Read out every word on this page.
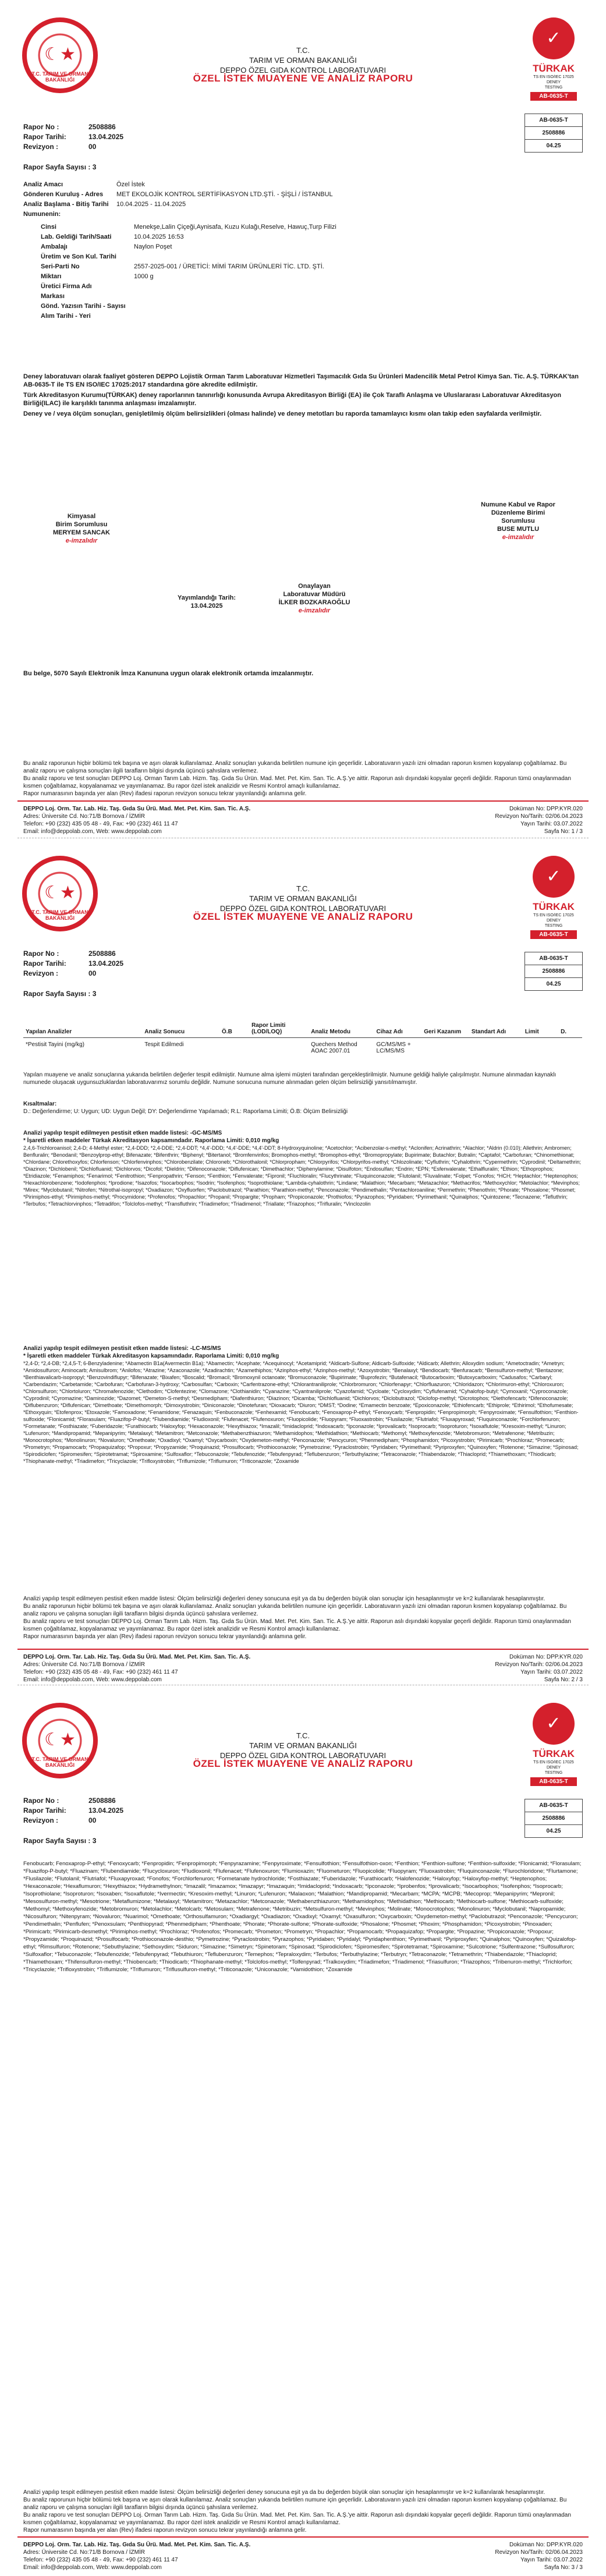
☾★
T.C. TARIM VE ORMAN BAKANLIĞI
T.C.
TARIM VE ORMAN BAKANLIĞI
DEPPO ÖZEL GIDA KONTROL LABORATUVARI
ÖZEL İSTEK MUAYENE VE ANALİZ RAPORU
✓
TÜRKAK
TS EN ISO/IEC 17025
DENEY
TESTING
AB-0635-T
AB-0635-T
2508886
04.25
Rapor No :	2508886
Rapor Tarihi:	13.04.2025
Revizyon :	00
Rapor Sayfa Sayısı : 3
Analiz Amacı	Özel İstek
Gönderen Kuruluş - Adres	MET EKOLOJİK KONTROL SERTİFİKASYON LTD.ŞTİ. - ŞİŞLİ / İSTANBUL
Analiz Başlama - Bitiş Tarihi	10.04.2025 - 11.04.2025
Numunenin:
Cinsi	Menekşe,Lalin Çiçeği,Aynisafa, Kuzu Kulağı,Reselve, Hawuç,Turp Filizi
Lab. Geldiği Tarih/Saati	10.04.2025 16:53
Ambalajı	Naylon Poşet
Üretim ve Son Kul. Tarihi
Seri-Parti No	2557-2025-001 / ÜRETİCİ: MİMİ TARIM ÜRÜNLERİ TİC. LTD. ŞTİ.
Miktarı	1000 g
Üretici Firma Adı
Markası
Gönd. Yazısın Tarihi - Sayısı
Alım Tarihi - Yeri

Deney laboratuvarı olarak faaliyet gösteren DEPPO Lojistik Orman Tarım Laboratuvar Hizmetleri Taşımacılık Gıda Su Ürünleri Madencilik Metal Petrol Kimya San. Tic. A.Ş. TÜRKAK'tan AB-0635-T ile TS EN ISO/IEC 17025:2017 standardına göre akredite edilmiştir.

Türk Akreditasyon Kurumu(TÜRKAK) deney raporlarının tanınırlığı konusunda Avrupa Akreditasyon Birliği (EA) ile Çok Taraflı Anlaşma ve Uluslararası Laboratuvar Akreditasyon Birliği(ILAC) ile karşılıklı tanınma anlaşması imzalamıştır.

Deney ve / veya ölçüm sonuçları, genişletilmiş ölçüm belirsizlikleri (olması halinde) ve deney metotları bu raporda tamamlayıcı kısmı olan takip eden sayfalarda verilmiştir.

Kimyasal
Birim Sorumlusu
MERYEM SANCAK
e-imzalıdır
Numune Kabul ve Rapor
Düzenleme Birimi
Sorumlusu
BUSE MUTLU
e-imzalıdır
Yayımlandığı Tarih:
13.04.2025
Onaylayan
Laboratuvar Müdürü
İLKER BOZKARAOĞLU
e-imzalıdır
Bu belge, 5070 Sayılı Elektronik İmza Kanununa uygun olarak elektronik ortamda imzalanmıştır.

Bu analiz raporunun hiçbir bölümü tek başına ve aşırı olarak kullanılamaz. Analiz sonuçları yukarıda belirtilen numune için geçerlidir. Laboratuvarın yazılı izni olmadan raporun kısmen kopyalanıp çoğaltılamaz. Bu analiz raporu ve çalışma sonuçları ilgili tarafların bilgisi dışında üçüncü şahıslara verilemez.

Bu analiz raporu ve test sonuçları DEPPO Loj. Orman Tarım Lab. Hizm. Taş. Gıda Su Ürün. Mad. Met. Pet. Kim. San. Tic. A.Ş.'ye aittir. Raporun aslı dışındaki kopyalar geçerli değildir. Raporun tümü onaylanmadan kısmen çoğaltılamaz, kopyalanamaz ve yayımlanamaz. Bu rapor özel istek analizidir ve Resmi Kontrol amaçlı kullanılamaz.

Rapor numarasının başında yer alan (Rev) ifadesi raporun revizyon sonucu tekrar yayınlandığı anlamına gelir.

DEPPO Loj. Orm. Tar. Lab. Hiz. Taş. Gıda Su Ürü. Mad. Met. Pet. Kim. San. Tic. A.Ş.
Adres: Üniversite Cd. No:71/B Bornova / İZMİR
Telefon: +90 (232) 435 05 48 - 49, Fax: +90 (232) 461 11 47
Email: info@deppolab.com, Web: www.deppolab.com
Doküman No: DPP.KYR.020
Revizyon No/Tarih: 02/06.04.2023
Yayın Tarihi: 03.07.2022
Sayfa No: 1 / 3
☾★
T.C. TARIM VE ORMAN BAKANLIĞI
T.C.
TARIM VE ORMAN BAKANLIĞI
DEPPO ÖZEL GIDA KONTROL LABORATUVARI
ÖZEL İSTEK MUAYENE VE ANALİZ RAPORU
✓
TÜRKAK
TS EN ISO/IEC 17025
DENEY
TESTING
AB-0635-T
AB-0635-T
2508886
04.25
Rapor No :	2508886
Rapor Tarihi:	13.04.2025
Revizyon :	00
Rapor Sayfa Sayısı : 3
Yapılan Analizler	Analiz Sonucu	Ö.B	Rapor Limiti (LOD/LOQ)	Analiz Metodu	Cihaz Adı	Geri Kazanım	Standart Adı	Limit	D.
*Pestisit Tayini (mg/kg)	Tespit Edilmedi			Quechers Method AOAC 2007.01	GC/MS/MS + LC/MS/MS				

Yapılan muayene ve analiz sonuçlarına yukarıda belirtilen değerler tespit edilmiştir. Numune alma işlemi müşteri tarafından gerçekleştirilmiştir. Numune geldiği haliyle çalışılmıştır. Numune alınmadan kaynaklı numunede oluşacak uygunsuzluklardan laboratuvarımız sorumlu değildir. Numune sonucuna numune alınmadan gelen ölçüm belirsizliği yansıtılmamıştır.

Kısaltmalar:

D.: Değerlendirme; U: Uygun; UD: Uygun Değil; DY: Değerlendirme Yapılamadı; R.L: Raporlama Limiti; Ö.B: Ölçüm Belirsizliği

Analizi yapılıp tespit edilmeyen pestisit etken madde listesi: -GC-MS/MS

* İşaretli etken maddeler Türkak Akreditasyon kapsamındadır. Raporlama Limiti: 0,010 mg/kg

2,4,6-Trichloroanisol; 2,4-D; 4-Methyl ester; *2,4-DDD; *2,4-DDE; *2,4-DDT; *4,4'-DDD; *4,4'-DDE; *4,4'-DDT; 8-Hydroxyquinoline; *Acetochlor; *Acibenzolar-s-methyl; *Aclonifen; Acrinathrin; *Alachlor; *Aldrin (0.010); Allethrin; Ambromen; Benfluralin; *Benodanil; *Benzoylprop-ethyl; Bifenazate; *Bifenthrin; *Biphenyl; *Bitertanol; *Bromfenvinfos; Bromophos-methyl; *Bromophos-ethyl; *Bromopropylate; Bupirimate; Butachlor; Butralin; *Captafol; *Carbofuran; *Chinomethionat; *Chlordane; Chlorethoxyfos; Chlorfenson; *Chlorfenvinphos; *Chlorobenzilate; Chloroneb; *Chlorothalonil; *Chlorpropham; *Chlorpyrifos; *Chlorpyrifos-methyl; *Chlozolinate; *Cyfluthrin; *Cyhalothrin; *Cypermethrin; *Cyprodinil; *Deltamethrin; *Diazinon; *Dichlobenil; *Dichlofluanid; *Dichlorvos; *Dicofol; *Dieldrin; *Difenoconazole; *Diflufenican; *Dimethachlor; *Diphenylamine; *Disulfoton; *Endosulfan; *Endrin; *EPN; *Esfenvalerate; *Ethalfluralin; *Ethion; *Ethoprophos; *Etridiazole; *Fenamiphos; *Fenarimol; *Fenitrothion; *Fenpropathrin; *Fenson; *Fenthion; *Fenvalerate; *Fipronil; *Fluchloralin; *Flucythrinate; *Fluquinconazole; *Flutolanil; *Fluvalinate; *Folpet; *Fonofos; *HCH; *Heptachlor; *Heptenophos; *Hexachlorobenzene; *Iodofenphos; *Iprodione; *Isazofos; *Isocarbophos; *Isodrin; *Isofenphos; *Isoprothiolane; *Lambda-cyhalothrin; *Lindane; *Malathion; *Mecarbam; *Metazachlor; *Methacrifos; *Methoxychlor; *Metolachlor; *Mevinphos; *Mirex; *Myclobutanil; *Nitrofen; *Nitrothal-isopropyl; *Oxadiazon; *Oxyfluorfen; *Paclobutrazol; *Parathion; *Parathion-methyl; *Penconazole; *Pendimethalin; *Pentachloroaniline; *Permethrin; *Phenothrin; *Phorate; *Phosalone; *Phosmet; *Pirimiphos-ethyl; *Pirimiphos-methyl; *Procymidone; *Profenofos; *Propachlor; *Propanil; *Propargite; *Propham; *Propiconazole; *Prothiofos; *Pyrazophos; *Pyridaben; *Pyrimethanil; *Quinalphos; *Quintozene; *Tecnazene; *Tefluthrin; *Terbufos; *Tetrachlorvinphos; *Tetradifon; *Tolclofos-methyl; *Transfluthrin; *Triadimefon; *Triadimenol; *Triallate; *Triazophos; *Trifluralin; *Vinclozolin

Analizi yapılıp tespit edilmeyen pestisit etken madde listesi: -LC-MS/MS

* İşaretli etken maddeler Türkak Akreditasyon kapsamındadır. Raporlama Limiti: 0,010 mg/kg

*2,4-D; *2,4-DB; *2,4,5-T; 6-Benzyladenine; *Abamectin B1a(Avermectin B1a); *Abamectin; *Acephate; *Acequinocyl; *Acetamiprid; *Aldicarb-Sulfone; Aldicarb-Sulfoxide; *Aldicarb; Allethrin; Alloxydim sodium; *Ametoctradin; *Ametryn; *Amidosulfuron; Aminocarb; Amisulbrom; *Anilofos; *Atrazine; *Azaconazole; *Azadirachtin; *Azamethiphos; *Azinphos-ethyl; *Azinphos-methyl; *Azoxystrobin; *Benalaxyl; *Bendiocarb; *Benfuracarb; *Bensulfuron-methyl; *Bentazone; *Benthiavalicarb-isopropyl; *Benzovindiflupyr; *Bifenazate; *Bixafen; *Boscalid; *Bromacil; *Bromoxynil octanoate; *Bromuconazole; *Bupirimate; *Buprofezin; *Butafenacil; *Butocarboxim; *Butoxycarboxim; *Cadusafos; *Carbaryl; *Carbendazim; *Carbetamide; *Carbofuran; *Carbofuran-3-hydroxy; *Carbosulfan; *Carboxin; *Carfentrazone-ethyl; *Chlorantraniliprole; *Chlorbromuron; *Chlorfenapyr; *Chlorfluazuron; *Chloridazon; *Chlorimuron-ethyl; *Chloroxuron; *Chlorsulfuron; *Chlortoluron; *Chromafenozide; *Clethodim; *Clofentezine; *Clomazone; *Clothianidin; *Cyanazine; *Cyantraniliprole; *Cyazofamid; *Cycloate; *Cycloxydim; *Cyflufenamid; *Cyhalofop-butyl; *Cymoxanil; *Cyproconazole; *Cyprodinil; *Cyromazine; *Daminozide; *Dazomet; *Demeton-S-methyl; *Desmedipham; *Diafenthiuron; *Diazinon; *Dicamba; *Dichlofluanid; *Dichlorvos; *Diclobutrazol; *Diclofop-methyl; *Dicrotophos; *Diethofencarb; *Difenoconazole; *Diflubenzuron; *Diflufenican; *Dimethoate; *Dimethomorph; *Dimoxystrobin; *Diniconazole; *Dinotefuran; *Dioxacarb; *Diuron; *DMST; *Dodine; *Emamectin benzoate; *Epoxiconazole; *Ethiofencarb; *Ethiprole; *Ethirimol; *Ethofumesate; *Ethoxyquin; *Etofenprox; *Etoxazole; *Famoxadone; *Fenamidone; *Fenazaquin; *Fenbuconazole; *Fenhexamid; *Fenobucarb; *Fenoxaprop-P-ethyl; *Fenoxycarb; *Fenpropidin; *Fenpropimorph; *Fenpyroximate; *Fensulfothion; *Fenthion-sulfoxide; *Flonicamid; *Florasulam; *Fluazifop-P-butyl; *Flubendiamide; *Fludioxonil; *Flufenacet; *Flufenoxuron; *Fluopicolide; *Fluopyram; *Fluoxastrobin; *Flusilazole; *Flutriafol; *Fluxapyroxad; *Fluquinconazole; *Forchlorfenuron; *Formetanate; *Fosthiazate; *Fuberidazole; *Furathiocarb; *Haloxyfop; *Hexaconazole; *Hexythiazox; *Imazalil; *Imidacloprid; *Indoxacarb; *Ipconazole; *Iprovalicarb; *Isoprocarb; *Isoproturon; *Isoxaflutole; *Kresoxim-methyl; *Linuron; *Lufenuron; *Mandipropamid; *Mepanipyrim; *Metalaxyl; *Metamitron; *Metconazole; *Methabenzthiazuron; *Methamidophos; *Methidathion; *Methiocarb; *Methomyl; *Methoxyfenozide; *Metobromuron; *Metrafenone; *Metribuzin; *Monocrotophos; *Monolinuron; *Novaluron; *Omethoate; *Oxadixyl; *Oxamyl; *Oxycarboxin; *Oxydemeton-methyl; *Penconazole; *Pencycuron; *Phenmedipham; *Phosphamidon; *Picoxystrobin; *Pirimicarb; *Prochloraz; *Promecarb; *Prometryn; *Propamocarb; *Propaquizafop; *Propoxur; *Propyzamide; *Proquinazid; *Prosulfocarb; *Prothioconazole; *Pymetrozine; *Pyraclostrobin; *Pyridaben; *Pyrimethanil; *Pyriproxyfen; *Quinoxyfen; *Rotenone; *Simazine; *Spinosad; *Spirodiclofen; *Spiromesifen; *Spirotetramat; *Spiroxamine; *Sulfoxaflor; *Tebuconazole; *Tebufenozide; *Tebufenpyrad; *Teflubenzuron; *Terbuthylazine; *Tetraconazole; *Thiabendazole; *Thiacloprid; *Thiamethoxam; *Thiodicarb; *Thiophanate-methyl; *Triadimefon; *Tricyclazole; *Trifloxystrobin; *Triflumizole; *Triflumuron; *Triticonazole; *Zoxamide

Analizi yapılıp tespit edilmeyen pestisit etken madde listesi: Ölçüm belirsizliği değerleri deney sonucuna eşit ya da bu değerden büyük olan sonuçlar için hesaplanmıştır ve k=2 kullanılarak hesaplanmıştır.

Bu analiz raporunun hiçbir bölümü tek başına ve aşırı olarak kullanılamaz. Analiz sonuçları yukarıda belirtilen numune için geçerlidir. Laboratuvarın yazılı izni olmadan raporun kısmen kopyalanıp çoğaltılamaz. Bu analiz raporu ve çalışma sonuçları ilgili tarafların bilgisi dışında üçüncü şahıslara verilemez.

Bu analiz raporu ve test sonuçları DEPPO Loj. Orman Tarım Lab. Hizm. Taş. Gıda Su Ürün. Mad. Met. Pet. Kim. San. Tic. A.Ş.'ye aittir. Raporun aslı dışındaki kopyalar geçerli değildir. Raporun tümü onaylanmadan kısmen çoğaltılamaz, kopyalanamaz ve yayımlanamaz. Bu rapor özel istek analizidir ve Resmi Kontrol amaçlı kullanılamaz.

Rapor numarasının başında yer alan (Rev) ifadesi raporun revizyon sonucu tekrar yayınlandığı anlamına gelir.

DEPPO Loj. Orm. Tar. Lab. Hiz. Taş. Gıda Su Ürü. Mad. Met. Pet. Kim. San. Tic. A.Ş.
Adres: Üniversite Cd. No:71/B Bornova / İZMİR
Telefon: +90 (232) 435 05 48 - 49, Fax: +90 (232) 461 11 47
Email: info@deppolab.com, Web: www.deppolab.com
Doküman No: DPP.KYR.020
Revizyon No/Tarih: 02/06.04.2023
Yayın Tarihi: 03.07.2022
Sayfa No: 2 / 3
☾★
T.C. TARIM VE ORMAN BAKANLIĞI
T.C.
TARIM VE ORMAN BAKANLIĞI
DEPPO ÖZEL GIDA KONTROL LABORATUVARI
ÖZEL İSTEK MUAYENE VE ANALİZ RAPORU
✓
TÜRKAK
TS EN ISO/IEC 17025
DENEY
TESTING
AB-0635-T
AB-0635-T
2508886
04.25
Rapor No :	2508886
Rapor Tarihi:	13.04.2025
Revizyon :	00
Rapor Sayfa Sayısı : 3

Fenobucarb; Fenoxaprop-P-ethyl; *Fenoxycarb; *Fenpropidin; *Fenpropimorph; *Fenpyrazamine; *Fenpyroximate; *Fensulfothion; *Fensulfothion-oxon; *Fenthion; *Fenthion-sulfone; *Fenthion-sulfoxide; *Flonicamid; *Florasulam; *Fluazifop-P-butyl; *Fluazinam; *Flubendiamide; *Flucycloxuron; *Fludioxonil; *Flufenacet; *Flufenoxuron; *Flumioxazin; *Fluometuron; *Fluopicolide; *Fluopyram; *Fluoxastrobin; *Fluquinconazole; *Flurochloridone; *Flurtamone; *Flusilazole; *Flutolanil; *Flutriafol; *Fluxapyroxad; *Fonofos; *Forchlorfenuron; *Formetanate hydrochloride; *Fosthiazate; *Fuberidazole; *Furathiocarb; *Halofenozide; *Haloxyfop; *Haloxyfop-methyl; *Heptenophos; *Hexaconazole; *Hexaflumuron; *Hexythiazox; *Hydramethylnon; *Imazalil; *Imazamox; *Imazapyr; *Imazaquin; *Imidacloprid; *Indoxacarb; *Ipconazole; *Iprobenfos; *Iprovalicarb; *Isocarbophos; *Isofenphos; *Isoprocarb; *Isoprothiolane; *Isoproturon; *Isoxaben; *Isoxaflutole; *Ivermectin; *Kresoxim-methyl; *Linuron; *Lufenuron; *Malaoxon; *Malathion; *Mandipropamid; *Mecarbam; *MCPA; *MCPB; *Mecoprop; *Mepanipyrim; *Mepronil; *Mesosulfuron-methyl; *Mesotrione; *Metaflumizone; *Metalaxyl; *Metamitron; *Metazachlor; *Metconazole; *Methabenzthiazuron; *Methamidophos; *Methidathion; *Methiocarb; *Methiocarb-sulfone; *Methiocarb-sulfoxide; *Methomyl; *Methoxyfenozide; *Metobromuron; *Metolachlor; *Metolcarb; *Metosulam; *Metrafenone; *Metribuzin; *Metsulfuron-methyl; *Mevinphos; *Molinate; *Monocrotophos; *Monolinuron; *Myclobutanil; *Napropamide; *Nicosulfuron; *Nitenpyram; *Novaluron; *Nuarimol; *Omethoate; *Orthosulfamuron; *Oxadiargyl; *Oxadiazon; *Oxadixyl; *Oxamyl; *Oxasulfuron; *Oxycarboxin; *Oxydemeton-methyl; *Paclobutrazol; *Penconazole; *Pencycuron; *Pendimethalin; *Penflufen; *Penoxsulam; *Penthiopyrad; *Phenmedipham; *Phenthoate; *Phorate; *Phorate-sulfone; *Phorate-sulfoxide; *Phosalone; *Phosmet; *Phoxim; *Phosphamidon; *Picoxystrobin; *Pinoxaden; *Pirimicarb; *Pirimicarb-desmethyl; *Pirimiphos-methyl; *Prochloraz; *Profenofos; *Promecarb; *Prometon; *Prometryn; *Propachlor; *Propamocarb; *Propaquizafop; *Propargite; *Propazine; *Propiconazole; *Propoxur; *Propyzamide; *Proquinazid; *Prosulfocarb; *Prothioconazole-desthio; *Pymetrozine; *Pyraclostrobin; *Pyrazophos; *Pyridaben; *Pyridalyl; *Pyridaphenthion; *Pyrimethanil; *Pyriproxyfen; *Quinalphos; *Quinoxyfen; *Quizalofop-ethyl; *Rimsulfuron; *Rotenone; *Sebuthylazine; *Sethoxydim; *Siduron; *Simazine; *Simetryn; *Spinetoram; *Spinosad; *Spirodiclofen; *Spiromesifen; *Spirotetramat; *Spiroxamine; *Sulcotrione; *Sulfentrazone; *Sulfosulfuron; *Sulfoxaflor; *Tebuconazole; *Tebufenozide; *Tebufenpyrad; *Tebuthiuron; *Teflubenzuron; *Temephos; *Tepraloxydim; *Terbufos; *Terbuthylazine; *Terbutryn; *Tetraconazole; *Tetramethrin; *Thiabendazole; *Thiacloprid; *Thiamethoxam; *Thifensulfuron-methyl; *Thiobencarb; *Thiodicarb; *Thiophanate-methyl; *Tolclofos-methyl; *Tolfenpyrad; *Tralkoxydim; *Triadimefon; *Triadimenol; *Triasulfuron; *Triazophos; *Tribenuron-methyl; *Trichlorfon; *Tricyclazole; *Trifloxystrobin; *Triflumizole; *Triflumuron; *Triflusulfuron-methyl; *Triticonazole; *Uniconazole; *Vamidothion; *Zoxamide

Analizi yapılıp tespit edilmeyen pestisit etken madde listesi: Ölçüm belirsizliği değerleri deney sonucuna eşit ya da bu değerden büyük olan sonuçlar için hesaplanmıştır ve k=2 kullanılarak hesaplanmıştır.

Bu analiz raporunun hiçbir bölümü tek başına ve aşırı olarak kullanılamaz. Analiz sonuçları yukarıda belirtilen numune için geçerlidir. Laboratuvarın yazılı izni olmadan raporun kısmen kopyalanıp çoğaltılamaz. Bu analiz raporu ve çalışma sonuçları ilgili tarafların bilgisi dışında üçüncü şahıslara verilemez.

Bu analiz raporu ve test sonuçları DEPPO Loj. Orman Tarım Lab. Hizm. Taş. Gıda Su Ürün. Mad. Met. Pet. Kim. San. Tic. A.Ş.'ye aittir. Raporun aslı dışındaki kopyalar geçerli değildir. Raporun tümü onaylanmadan kısmen çoğaltılamaz, kopyalanamaz ve yayımlanamaz. Bu rapor özel istek analizidir ve Resmi Kontrol amaçlı kullanılamaz.

Rapor numarasının başında yer alan (Rev) ifadesi raporun revizyon sonucu tekrar yayınlandığı anlamına gelir.

DEPPO Loj. Orm. Tar. Lab. Hiz. Taş. Gıda Su Ürü. Mad. Met. Pet. Kim. San. Tic. A.Ş.
Adres: Üniversite Cd. No:71/B Bornova / İZMİR
Telefon: +90 (232) 435 05 48 - 49, Fax: +90 (232) 461 11 47
Email: info@deppolab.com, Web: www.deppolab.com
Doküman No: DPP.KYR.020
Revizyon No/Tarih: 02/06.04.2023
Yayın Tarihi: 03.07.2022
Sayfa No: 3 / 3
